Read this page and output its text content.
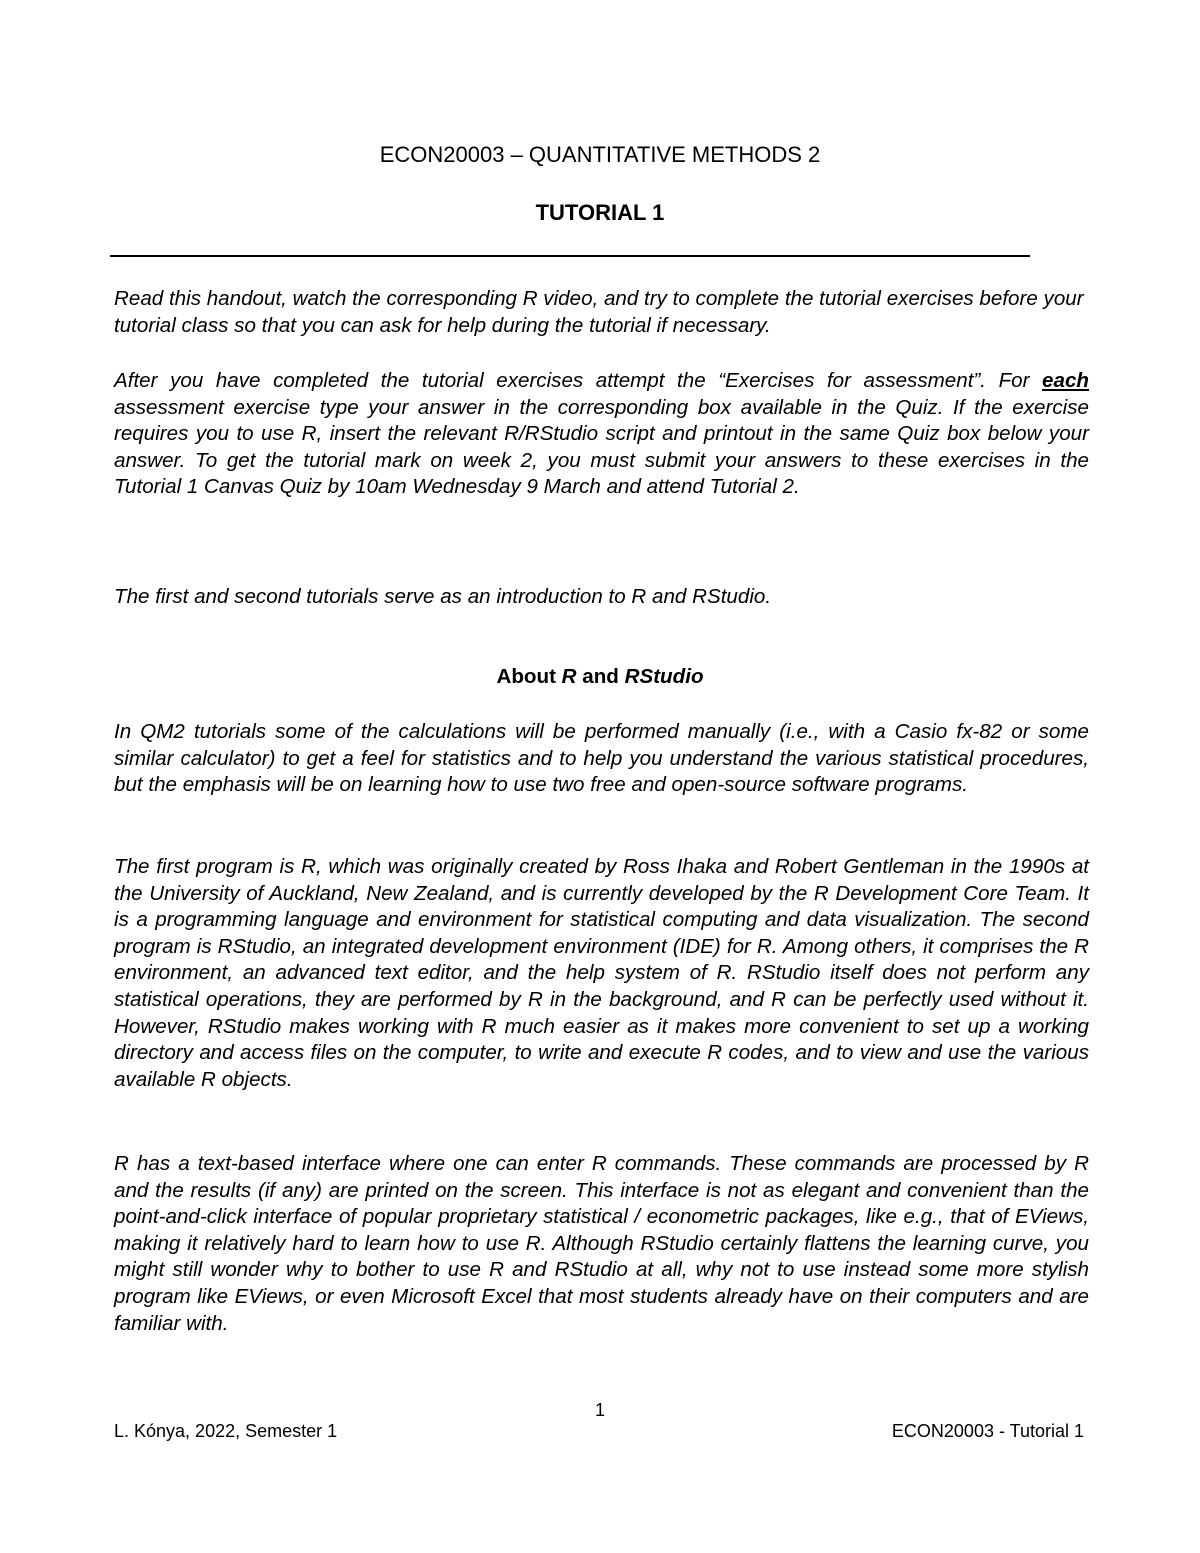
ECON20003 – QUANTITATIVE METHODS 2
TUTORIAL 1

Read this handout, watch the corresponding R video, and try to complete the tutorial exercises before your tutorial class so that you can ask for help during the tutorial if necessary.

After you have completed the tutorial exercises attempt the “Exercises for assessment”. For each assessment exercise type your answer in the corresponding box available in the Quiz. If the exercise requires you to use R, insert the relevant R/RStudio script and printout in the same Quiz box below your answer. To get the tutorial mark on week 2, you must submit your answers to these exercises in the Tutorial 1 Canvas Quiz by 10am Wednesday 9 March and attend Tutorial 2.

The first and second tutorials serve as an introduction to R and RStudio.

About R and RStudio

In QM2 tutorials some of the calculations will be performed manually (i.e., with a Casio fx-82 or some similar calculator) to get a feel for statistics and to help you understand the various statistical procedures, but the emphasis will be on learning how to use two free and open-source software programs.

The first program is R, which was originally created by Ross Ihaka and Robert Gentleman in the 1990s at the University of Auckland, New Zealand, and is currently developed by the R Development Core Team. It is a programming language and environment for statistical computing and data visualization. The second program is RStudio, an integrated development environment (IDE) for R. Among others, it comprises the R environment, an advanced text editor, and the help system of R. RStudio itself does not perform any statistical operations, they are performed by R in the background, and R can be perfectly used without it. However, RStudio makes working with R much easier as it makes more convenient to set up a working directory and access files on the computer, to write and execute R codes, and to view and use the various available R objects.

R has a text-based interface where one can enter R commands. These commands are processed by R and the results (if any) are printed on the screen. This interface is not as elegant and convenient than the point-and-click interface of popular proprietary statistical / econometric packages, like e.g., that of EViews, making it relatively hard to learn how to use R. Although RStudio certainly flattens the learning curve, you might still wonder why to bother to use R and RStudio at all, why not to use instead some more stylish program like EViews, or even Microsoft Excel that most students already have on their computers and are familiar with.

1
L. Kónya, 2022, Semester 1	ECON20003 - Tutorial 1
